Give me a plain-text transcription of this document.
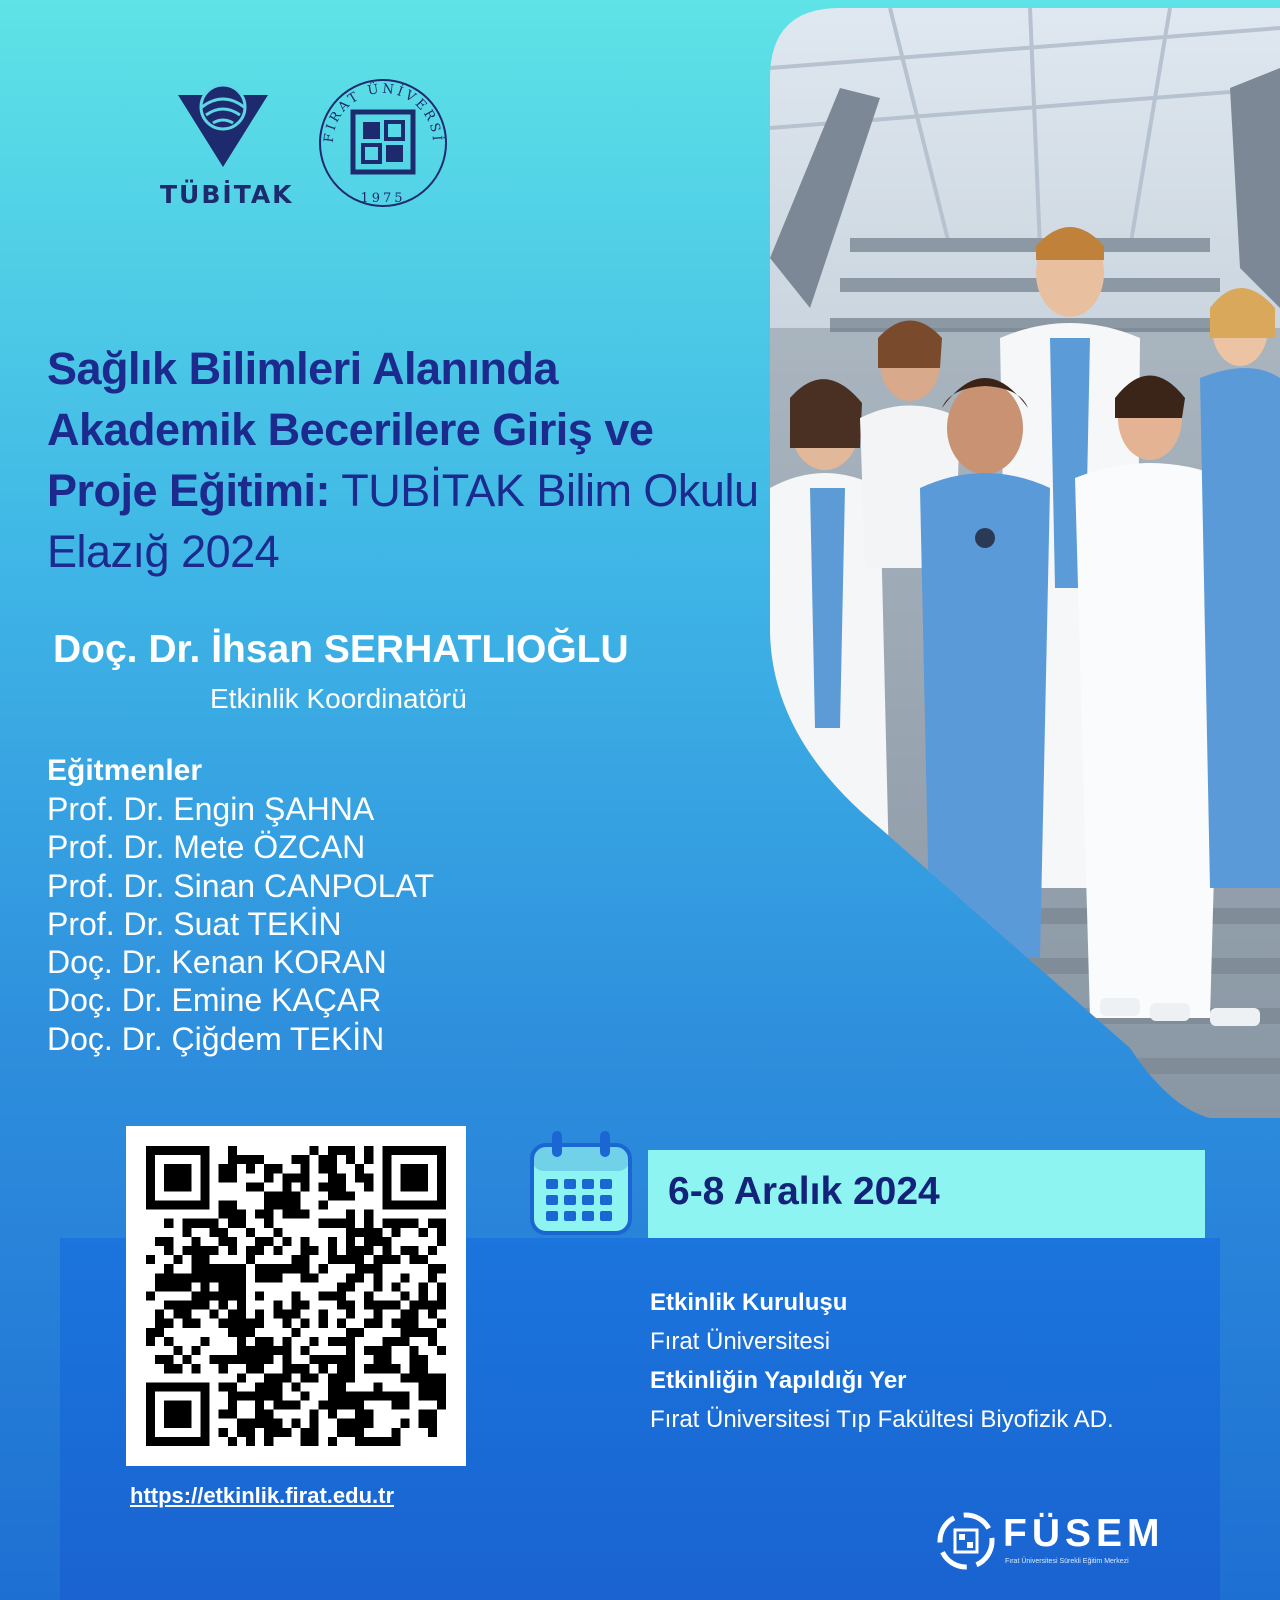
TÜBİTAK
FIRAT ÜNİVERSİ
1975
Sağlık Bilimleri Alanında Akademik Becerilere Giriş ve Proje Eğitimi: TUBİTAK Bilim Okulu Elazığ 2024
Doç. Dr. İhsan SERHATLIOĞLU
Etkinlik Koordinatörü
Eğitmenler
Prof. Dr. Engin ŞAHNA
Prof. Dr. Mete ÖZCAN
Prof. Dr. Sinan CANPOLAT
Prof. Dr. Suat TEKİN
Doç. Dr. Kenan KORAN
Doç. Dr. Emine KAÇAR
Doç. Dr. Çiğdem TEKİN
https://etkinlik.firat.edu.tr
6-8 Aralık 2024
Etkinlik Kuruluşu
Fırat Üniversitesi
Etkinliğin Yapıldığı Yer
Fırat Üniversitesi Tıp Fakültesi Biyofizik AD.
FÜSEM
Fırat Üniversitesi Sürekli Eğitim Merkezi
